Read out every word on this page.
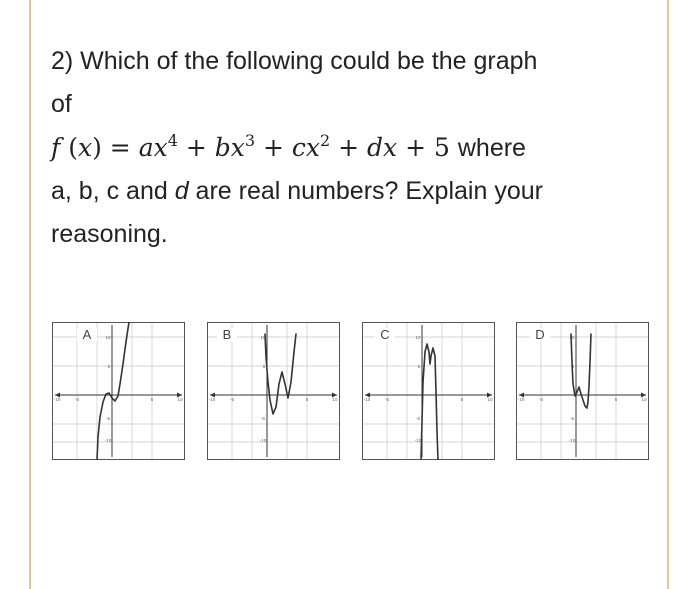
2) Which of the following could be the graph
of
f $(x) = ax^4 + bx^3 + cx^2$ + dx + 5 where
a, b, c and d are real numbers? Explain your
reasoning.
10
5
-5
-10
-10	-5	5	10
A	10
5
-5
-10
-10	-5	5	10
B	10
5
-5
-10
-10	-5	5	10
C	10
5
-5
-10
-10	-5	5	10
D
